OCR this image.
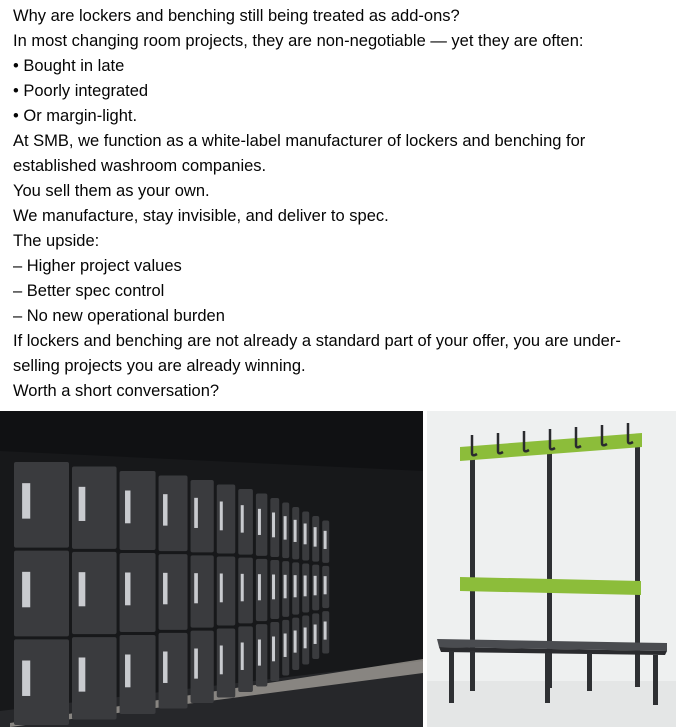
Why are lockers and benching still being treated as add-ons?

In most changing room projects, they are non-negotiable — yet they are often:

• Bought in late

• Poorly integrated

• Or margin-light.

At SMB, we function as a white-label manufacturer of lockers and benching for

established washroom companies.

You sell them as your own.

We manufacture, stay invisible, and deliver to spec.

The upside:

– Higher project values

– Better spec control

– No new operational burden

If lockers and benching are not already a standard part of your offer, you are under-

selling projects you are already winning.

Worth a short conversation?
